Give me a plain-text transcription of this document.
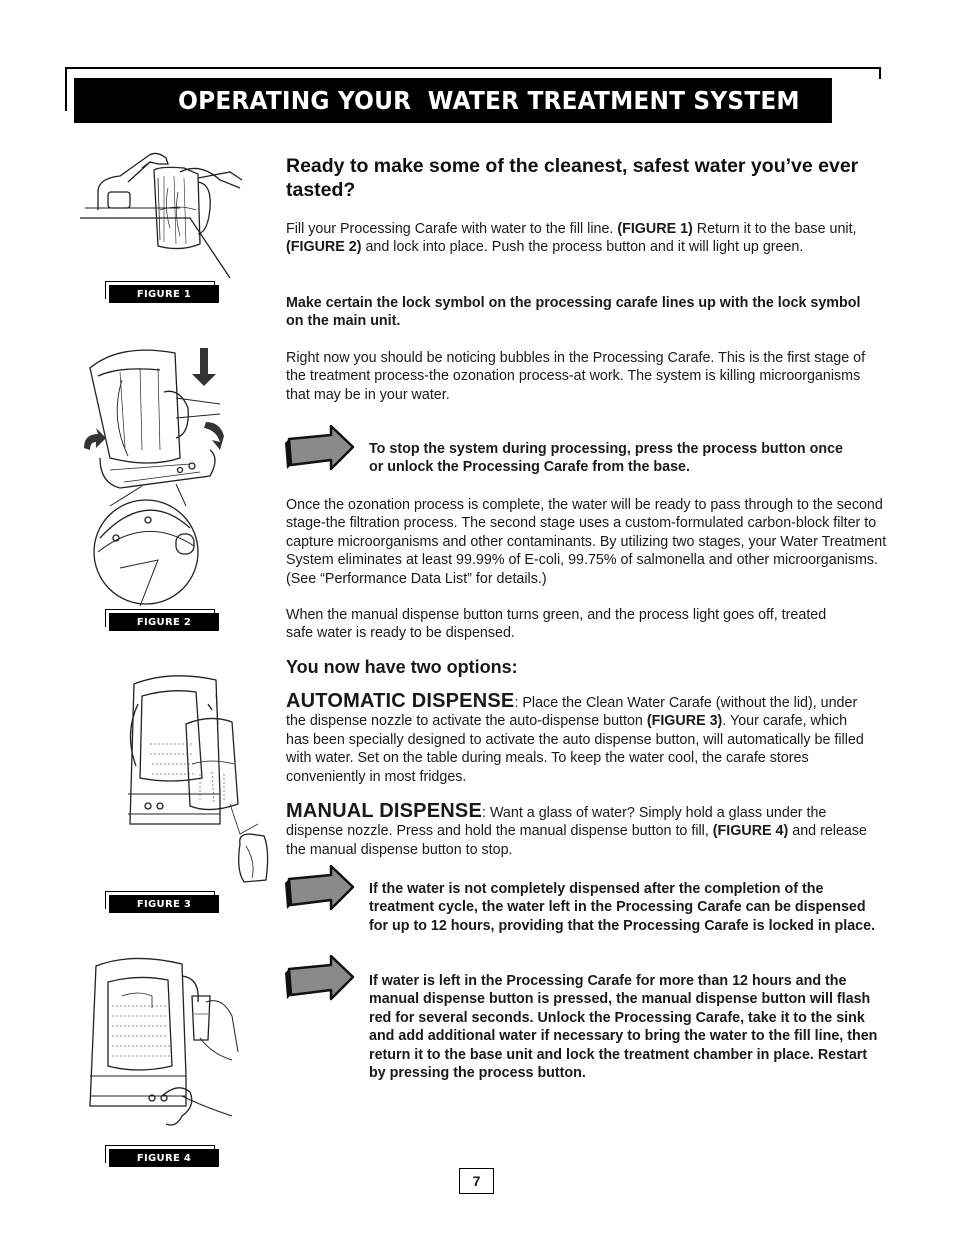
OPERATING YOUR  WATER TREATMENT SYSTEM
FIGURE 1
FIGURE 2
FIGURE 3
FIGURE 4
Ready to make some of the cleanest, safest water you’ve ever tasted?
Fill your Processing Carafe with water to the fill line. (FIGURE 1) Return it to the base unit, (FIGURE 2) and lock into place. Push the process button and it will light up green.
Make certain the lock symbol on the processing carafe lines up with the lock symbol on the main unit.
Right now you should be noticing bubbles in the Processing Carafe. This is the first stage of the treatment process-the ozonation process-at work. The system is killing microorganisms that may be in your water.
To stop the system during processing, press the process button once or unlock the Processing Carafe from the base.
Once the ozonation process is complete, the water will be ready to pass through to the second stage-the filtration process. The second stage uses a custom-formulated carbon-block filter to capture microorganisms and other contaminants. By utilizing two stages, your Water Treatment System eliminates at least 99.99% of E-coli, 99.75% of salmonella and other microorganisms. (See “Performance Data List” for details.)
When the manual dispense button turns green, and the process light goes off, treated safe water is ready to be dispensed.
You now have two options:
AUTOMATIC DISPENSE: Place the Clean Water Carafe (without the lid), under the dispense nozzle to activate the auto-dispense button (FIGURE 3). Your carafe, which has been specially designed to activate the auto dispense button, will automatically be filled with water. Set on the table during meals. To keep the water cool, the carafe stores conveniently in most fridges.
MANUAL DISPENSE: Want a glass of water? Simply hold a glass under the dispense nozzle. Press and hold the manual dispense button to fill, (FIGURE 4) and release the manual dispense button to stop.
If the water is not completely dispensed after the completion of the treatment cycle, the water left in the Processing Carafe can be dispensed for up to 12 hours, providing that the Processing Carafe is locked in place.
If water is left in the Processing Carafe for more than 12 hours and the manual dispense button is pressed, the manual dispense button will flash red for several seconds. Unlock the Processing Carafe, take it to the sink and add additional water if necessary to bring the water to the fill line, then return it to the base unit and lock the treatment chamber in place. Restart by pressing the process button.
7
